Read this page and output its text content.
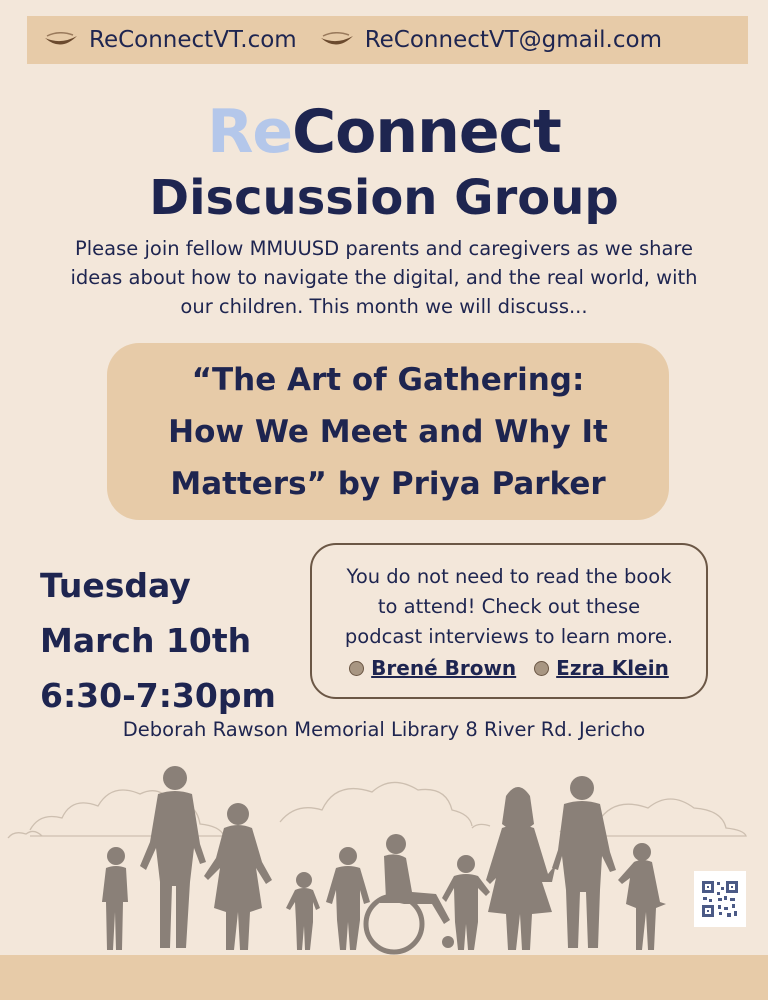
ReConnectVT.com	ReConnectVT@gmail.com
ReConnect
Discussion Group
Please join fellow MMUUSD parents and caregivers as we share ideas about how to navigate the digital, and the real world, with our children. This month we will discuss...
“The Art of Gathering:
How We Meet and Why It
Matters” by Priya Parker
Tuesday
March 10th
6:30-7:30pm
You do not need to read the book
to attend! Check out these
podcast interviews to learn more.
Brené Brown Ezra Klein
Deborah Rawson Memorial Library 8 River Rd. Jericho
